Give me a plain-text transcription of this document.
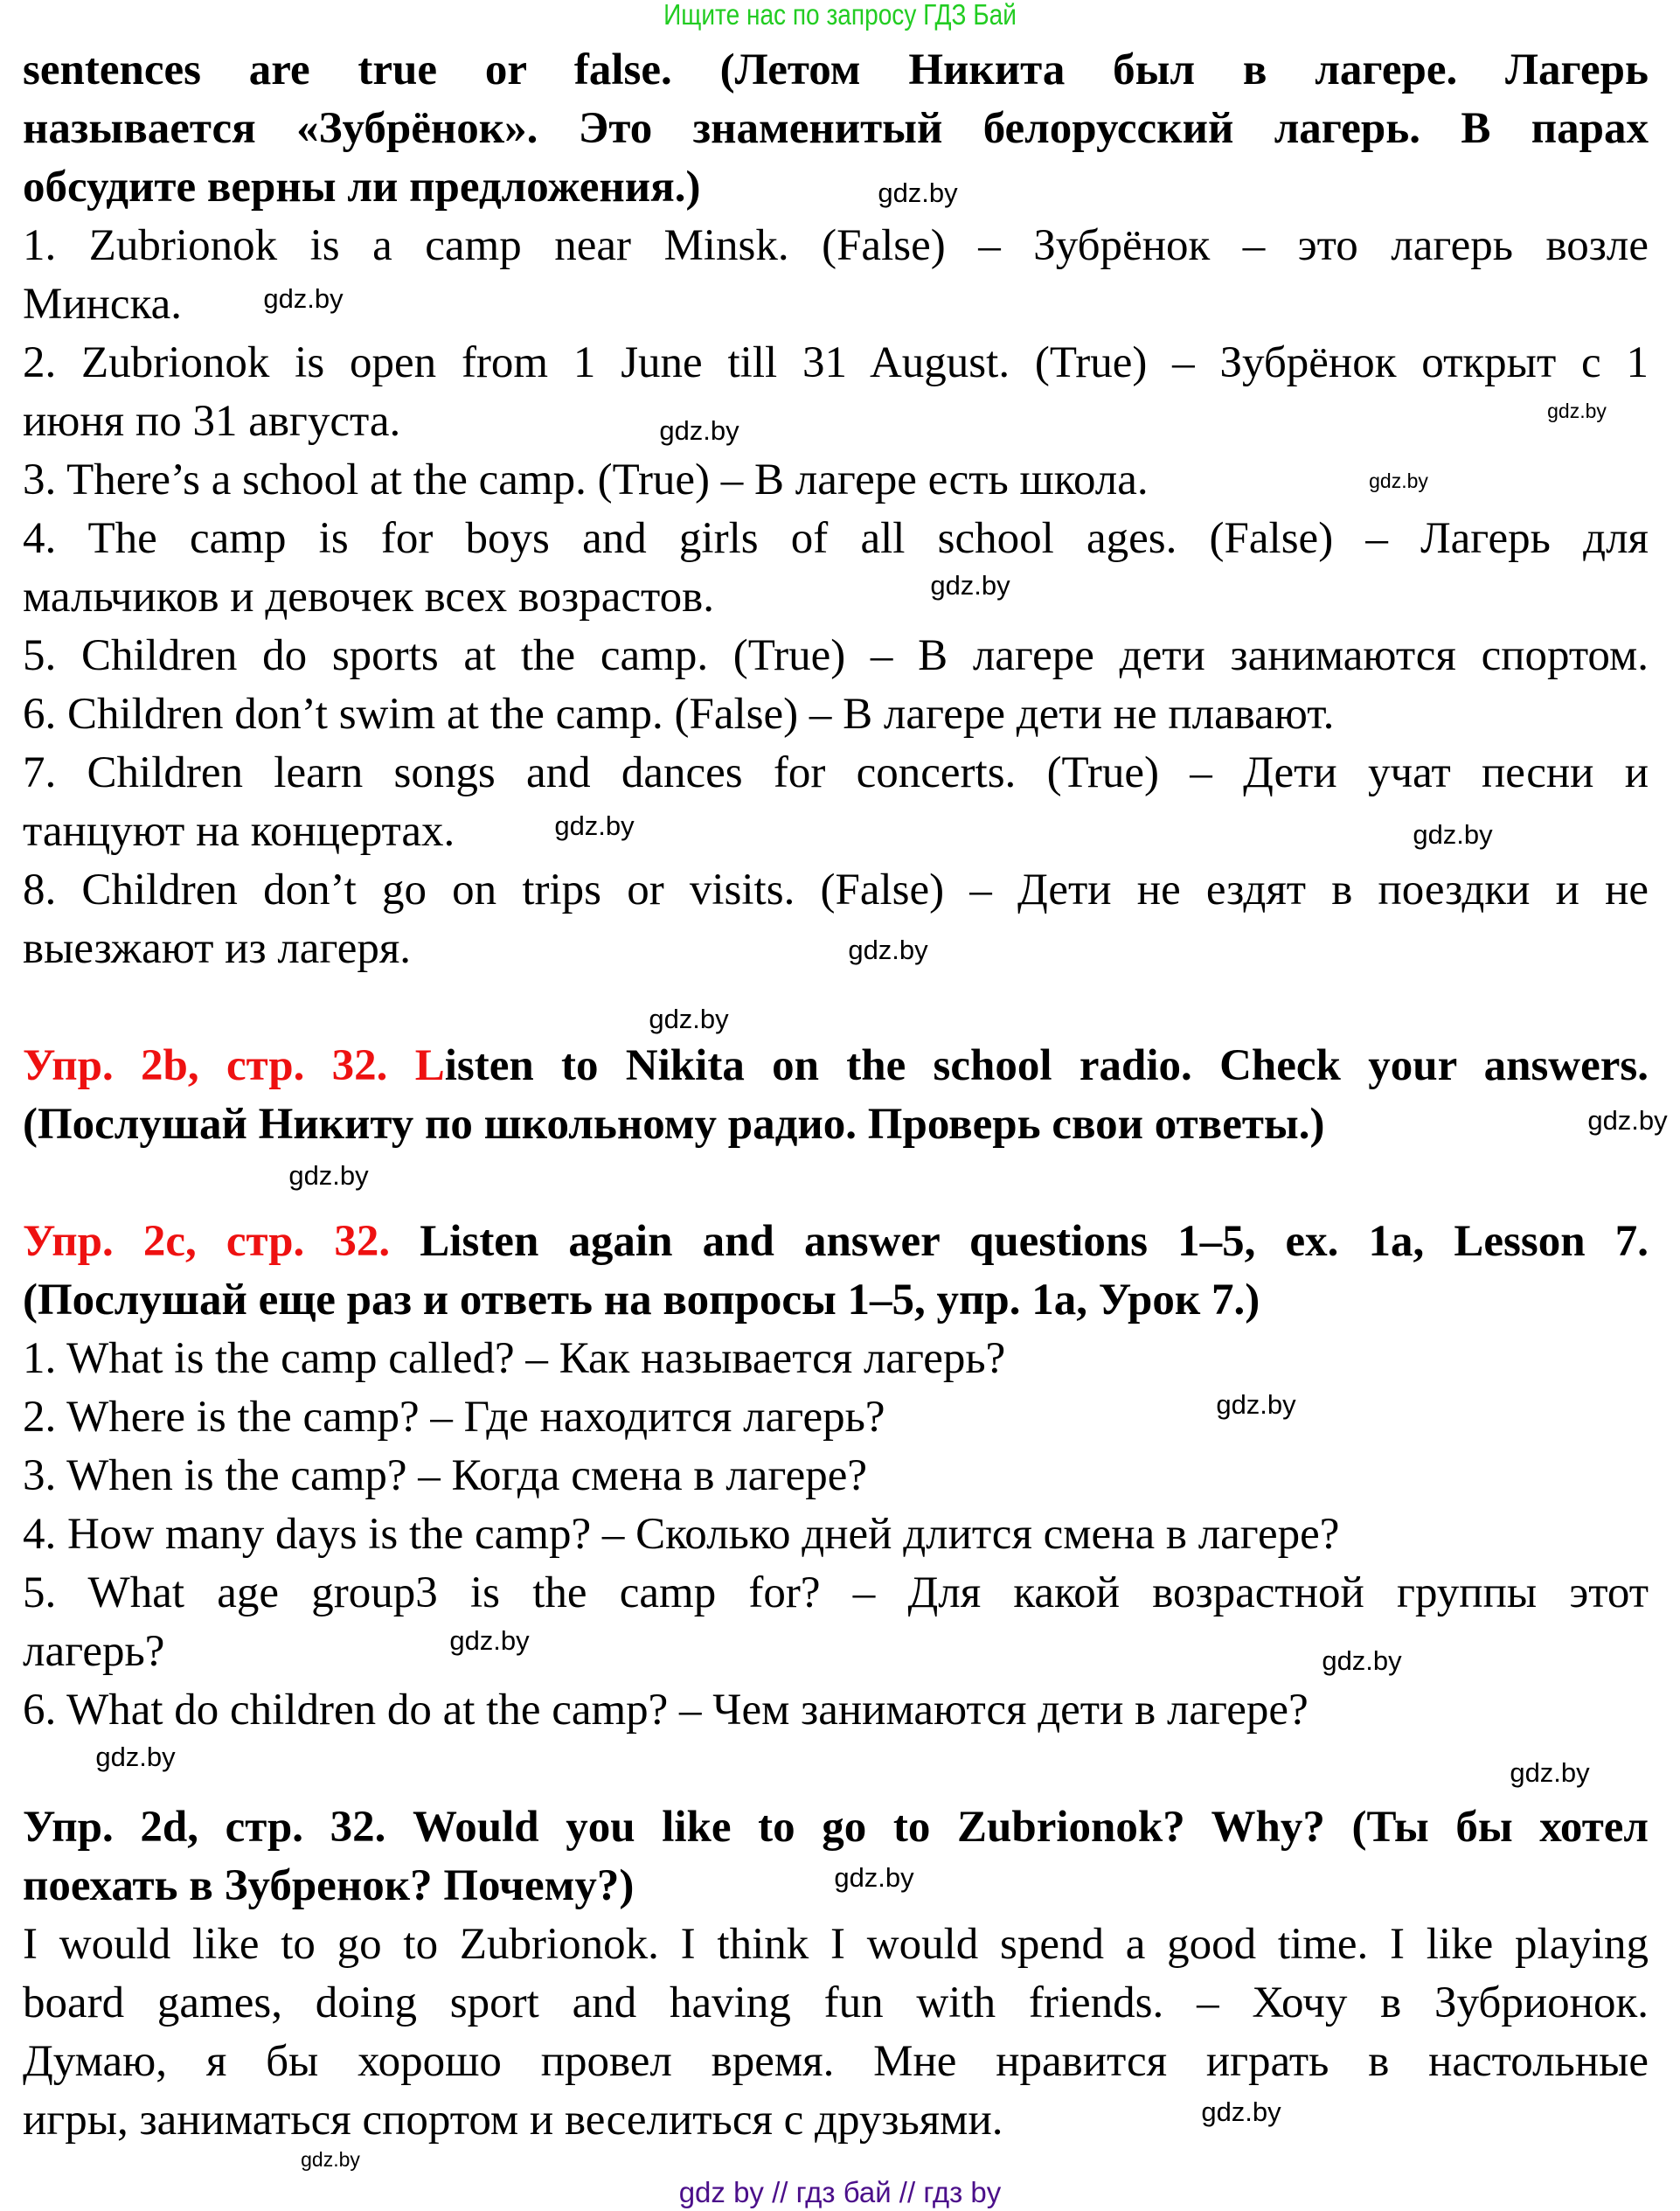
Ищите нас по запросу ГДЗ Бай
sentences are true or false. (Летом Никита был в лагере. Лагерь
называется «Зубрёнок». Это знаменитый белорусский лагерь. В парах
обсудите верны ли предложения.)
1. Zubrionok is a camp near Minsk. (False) – Зубрёнок – это лагерь возле
Минска.
2. Zubrionok is open from 1 June till 31 August. (True) – Зубрёнок открыт с 1
июня по 31 августа.
3. There’s a school at the camp. (True) – В лагере есть школа.
4. The camp is for boys and girls of all school ages. (False) – Лагерь для
мальчиков и девочек всех возрастов.
5. Children do sports at the camp. (True) – В лагере дети занимаются спортом.
6. Children don’t swim at the camp. (False) – В лагере дети не плавают.
7. Children learn songs and dances for concerts. (True) – Дети учат песни и
танцуют на концертах.
8. Children don’t go on trips or visits. (False) – Дети не ездят в поездки и не
выезжают из лагеря.

Упр. 2b, стр. 32. Listen to Nikita on the school radio. Check your answers.
(Послушай Никиту по школьному радио. Проверь свои ответы.)

Упр. 2c, стр. 32. Listen again and answer questions 1–5, ex. 1a, Lesson 7.
(Послушай еще раз и ответь на вопросы 1–5, упр. 1a, Урок 7.)
1. What is the camp called? – Как называется лагерь?
2. Where is the camp? – Где находится лагерь?
3. When is the camp? – Когда смена в лагере?
4. How many days is the camp? – Сколько дней длится смена в лагере?
5. What age group3 is the camp for? – Для какой возрастной группы этот
лагерь?
6. What do children do at the camp? – Чем занимаются дети в лагере?

Упр. 2d, стр. 32. Would you like to go to Zubrionok? Why? (Ты бы хотел
поехать в Зубренок? Почему?)
I would like to go to Zubrionok. I think I would spend a good time. I like playing
board games, doing sport and having fun with friends. – Хочу в Зубрионок.
Думаю, я бы хорошо провел время. Мне нравится играть в настольные
игры, заниматься спортом и веселиться с друзьями.
gdz.by
gdz.by
gdz.by
gdz.by
gdz.by
gdz.by
gdz.by	gdz.by
gdz.by
gdz.by
gdz.by
gdz.by
gdz.by
gdz.by
gdz.by
gdz.by
gdz.by
gdz.by
gdz.by
gdz.by
gdz by // гдз бай // гдз by
